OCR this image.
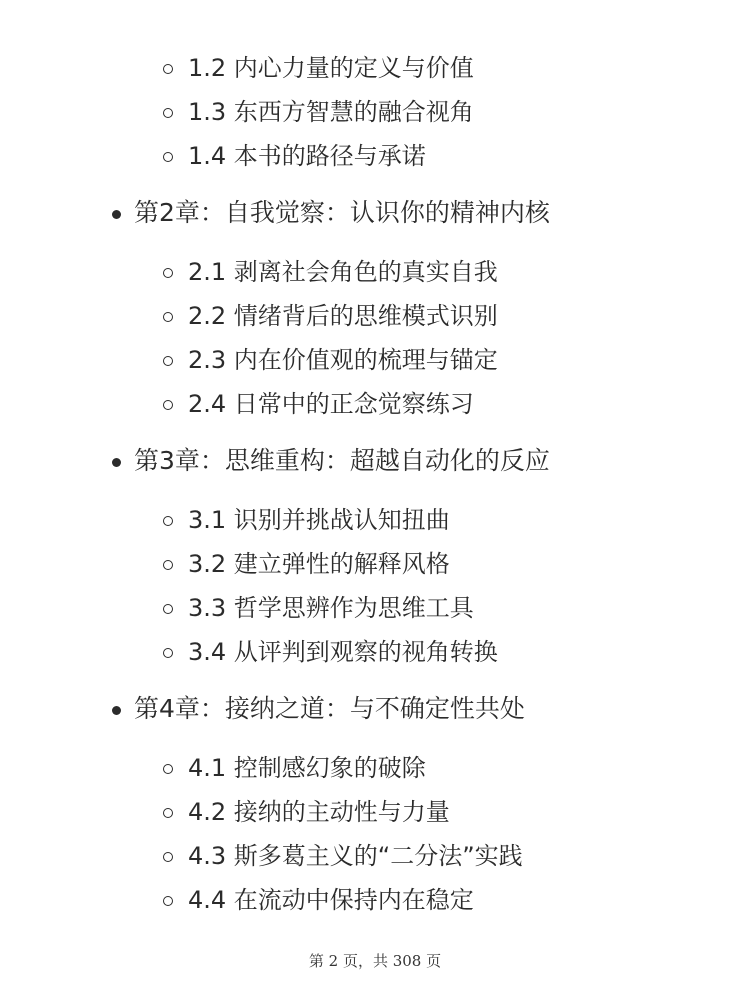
1.2 内心力量的定义与价值
1.3 东西方智慧的融合视角
1.4 本书的路径与承诺
第2章：自我觉察：认识你的精神内核
2.1 剥离社会角色的真实自我
2.2 情绪背后的思维模式识别
2.3 内在价值观的梳理与锚定
2.4 日常中的正念觉察练习
第3章：思维重构：超越自动化的反应
3.1 识别并挑战认知扭曲
3.2 建立弹性的解释风格
3.3 哲学思辨作为思维工具
3.4 从评判到观察的视角转换
第4章：接纳之道：与不确定性共处
4.1 控制感幻象的破除
4.2 接纳的主动性与力量
4.3 斯多葛主义的“二分法”实践
4.4 在流动中保持内在稳定
第 2 页，共 308 页
